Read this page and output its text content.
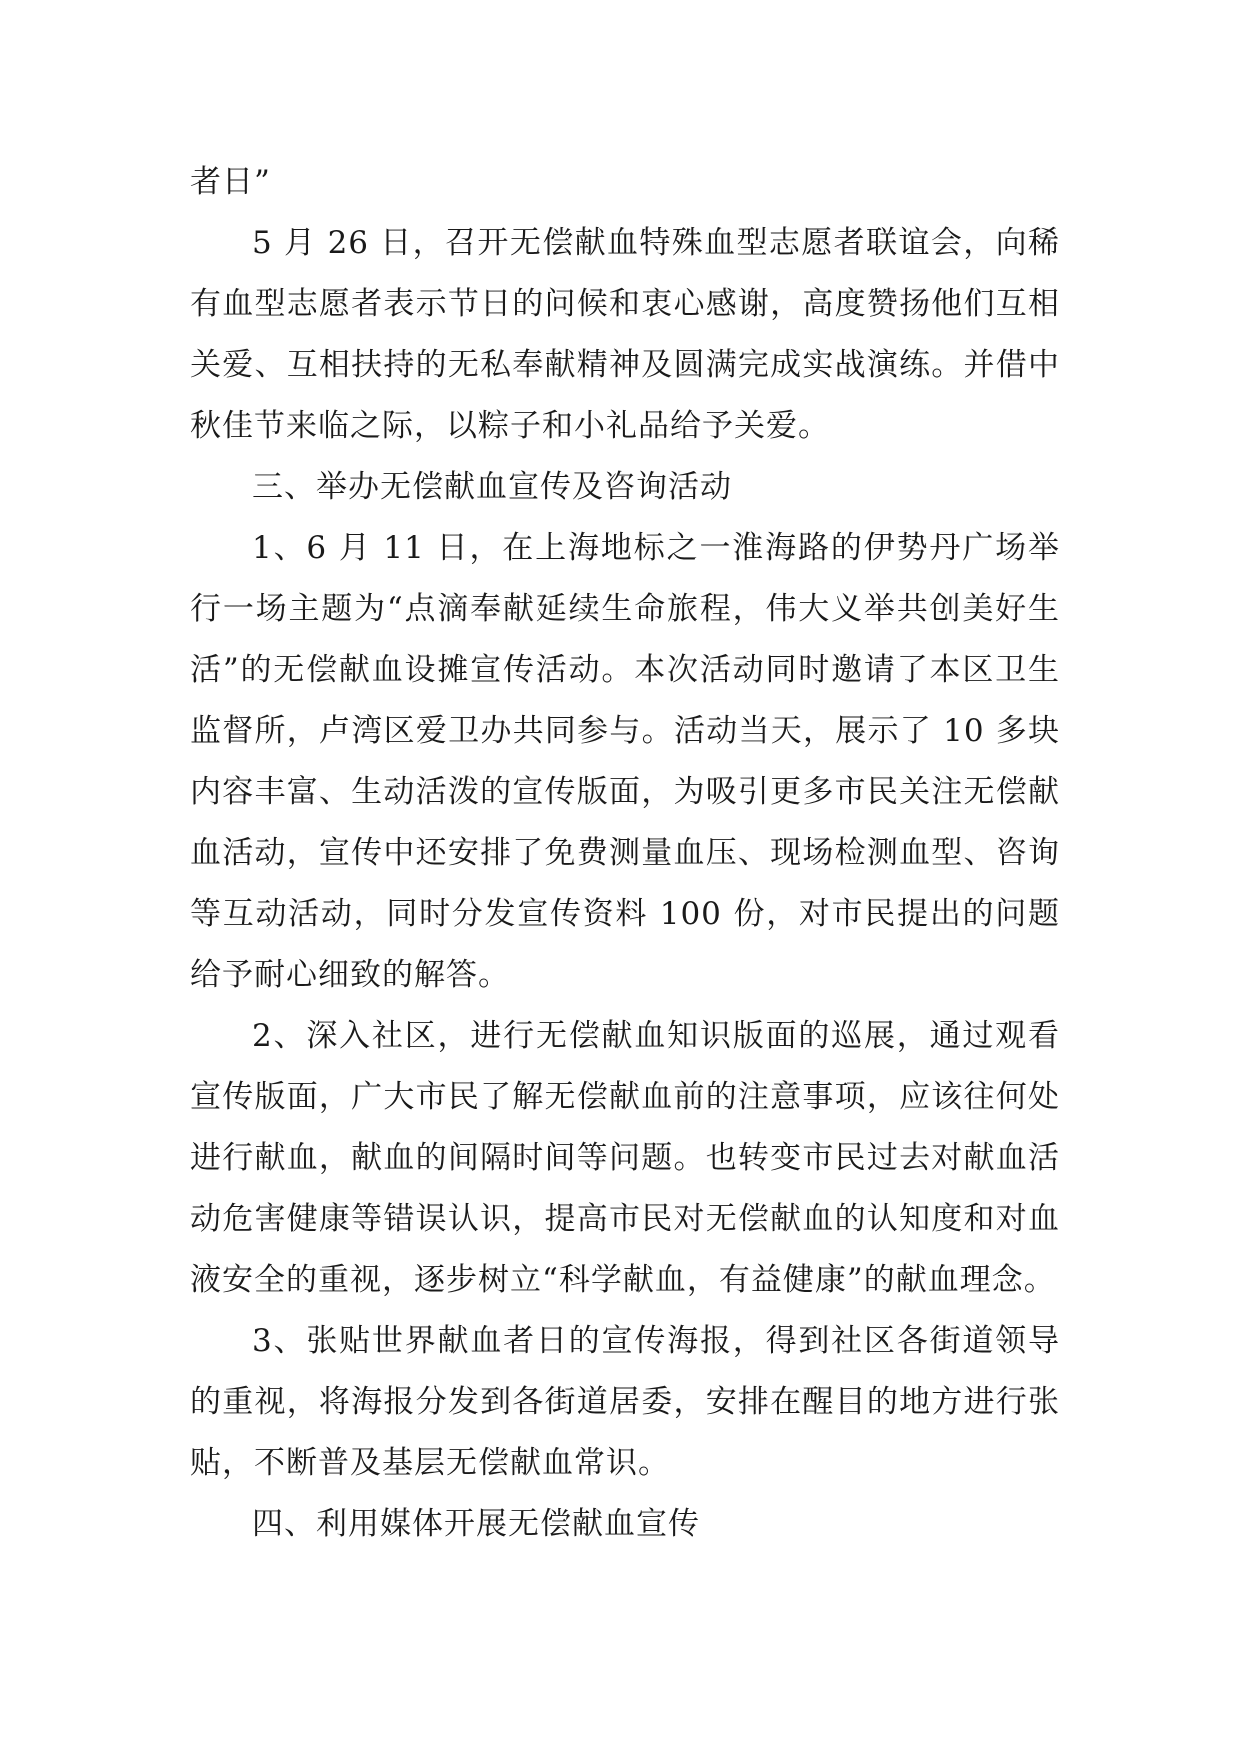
者日”

5 月 26 日，召开无偿献血特殊血型志愿者联谊会，向稀有血型志愿者表示节日的问候和衷心感谢，高度赞扬他们互相关爱、互相扶持的无私奉献精神及圆满完成实战演练。并借中秋佳节来临之际，以粽子和小礼品给予关爱。

三、举办无偿献血宣传及咨询活动

1、6 月 11 日，在上海地标之一淮海路的伊势丹广场举行一场主题为“点滴奉献延续生命旅程，伟大义举共创美好生活”的无偿献血设摊宣传活动。本次活动同时邀请了本区卫生监督所，卢湾区爱卫办共同参与。活动当天，展示了 10 多块内容丰富、生动活泼的宣传版面，为吸引更多市民关注无偿献血活动，宣传中还安排了免费测量血压、现场检测血型、咨询等互动活动，同时分发宣传资料 100 份，对市民提出的问题给予耐心细致的解答。

2、深入社区，进行无偿献血知识版面的巡展，通过观看宣传版面，广大市民了解无偿献血前的注意事项，应该往何处进行献血，献血的间隔时间等问题。也转变市民过去对献血活动危害健康等错误认识，提高市民对无偿献血的认知度和对血液安全的重视，逐步树立“科学献血，有益健康”的献血理念。

3、张贴世界献血者日的宣传海报，得到社区各街道领导的重视，将海报分发到各街道居委，安排在醒目的地方进行张贴，不断普及基层无偿献血常识。

四、利用媒体开展无偿献血宣传
